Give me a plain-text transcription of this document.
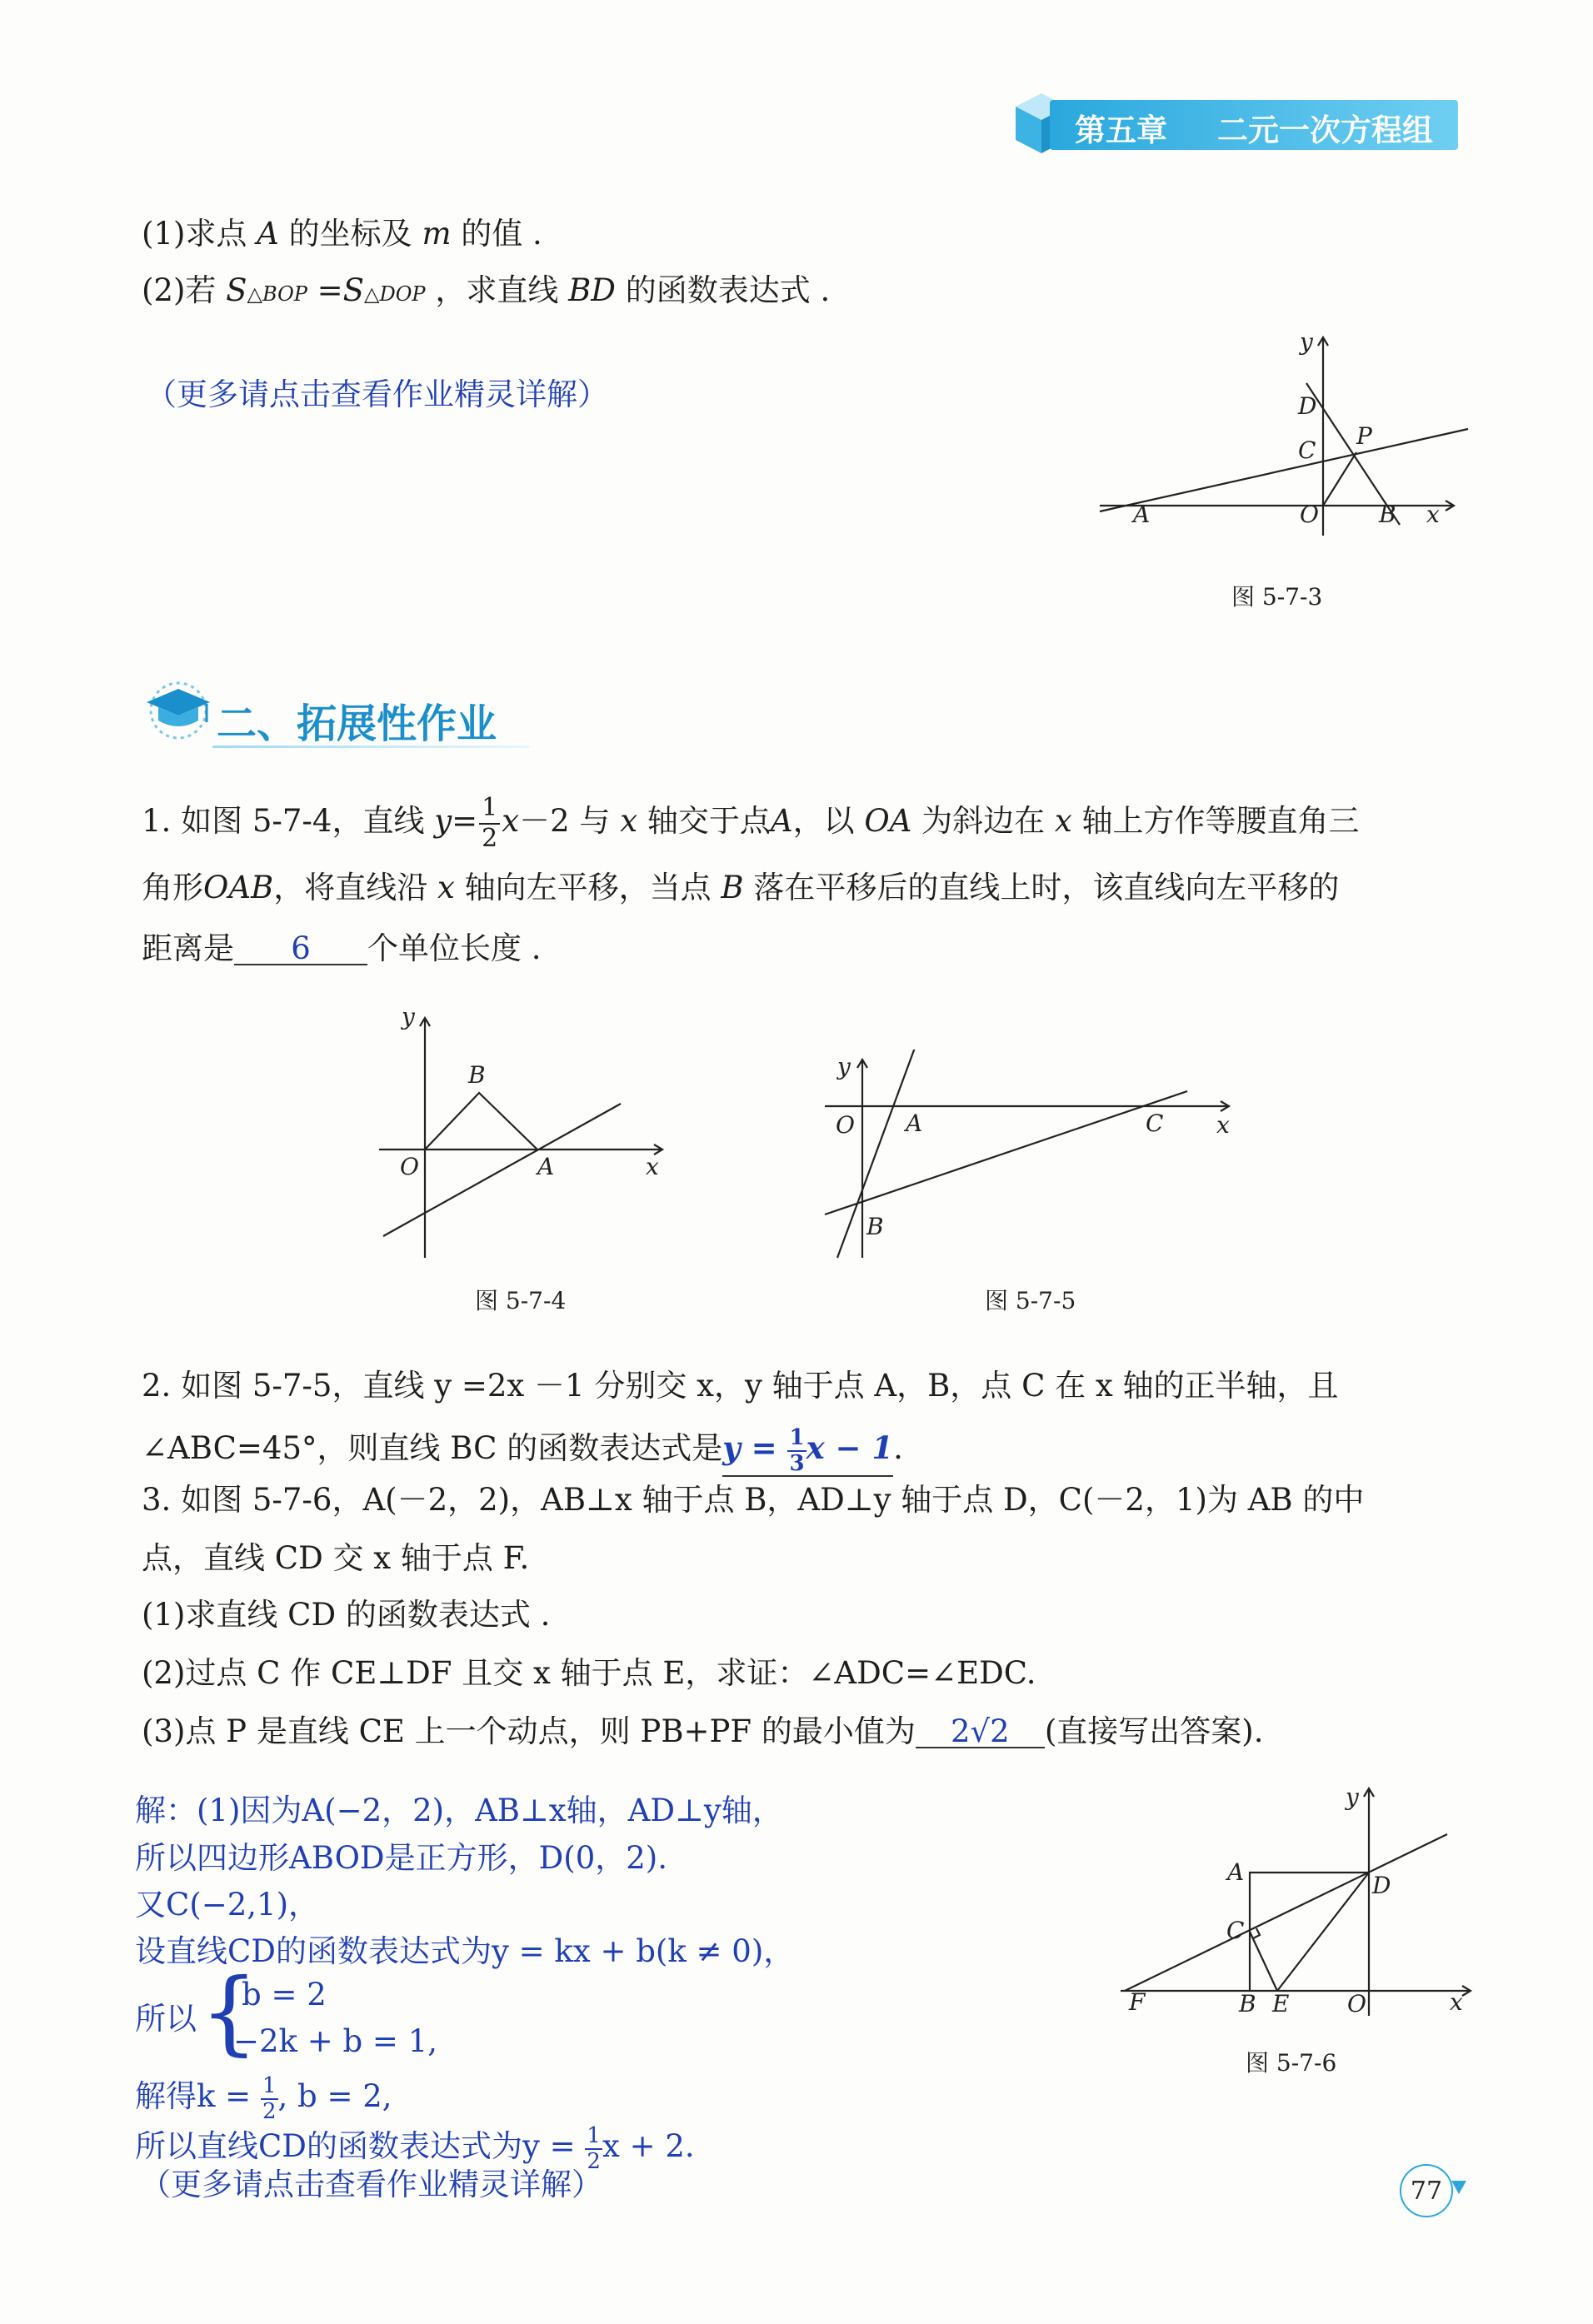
第五章 二元一次方程组
(1)求点 A 的坐标及 m 的值 .
(2)若 S△BOP =S△DOP ，求直线 BD 的函数表达式 .
（更多请点击查看作业精灵详解）
y
D
P
C
A	O	B x
图 5-7-3
二、拓展性作业
1. 如图 5-7-4，直线 $y= \frac{1}{2} x-2$ 与 x 轴交于点A，以 OA 为斜边在 x 轴上方作等腰直角三
角形OAB，将直线沿 x 轴向左平移，当点 B 落在平移后的直线上时，该直线向左平移的
距离是 6 个单位长度 .
y
B
O	A	x
图 5-7-4
y
O A	C x
B
图 5-7-5
2. 如图 5-7-5，直线 y =2x －1 分别交 x，y 轴于点 A，B，点 C 在 x 轴的正半轴，且
∠ABC=45°，则直线 BC 的函数表达式是$y = \frac{1}{3}$ x − 1.
3. 如图 5-7-6，A(－2，2)，AB⊥x 轴于点 B，AD⊥y 轴于点 D，C(－2，1)为 AB 的中
点，直线 CD 交 x 轴于点 F.
(1)求直线 CD 的函数表达式 .
(2)过点 C 作 CE⊥DF 且交 x 轴于点 E，求证：∠ADC=∠EDC.
(3)点 P 是直线 CE 上一个动点，则 PB+PF 的最小值为 2√2 (直接写出答案).
解：(1)因为A(−2，2)，AB⊥x轴，AD⊥y轴，
所以四边形ABOD是正方形，D(0，2).
又C(−2,1)，
设直线CD的函数表达式为y = kx + b(k ≠ 0)，
所以 {
b = 2
−2k + b = 1,
解得$k = \frac{1}{2}$ , b = 2,
所以直线CD的函数表达式为$y = \frac{1}{2}$ x + 2.
（更多请点击查看作业精灵详解）
y
A	D
C
F	B E O	x
图 5-7-6
77
